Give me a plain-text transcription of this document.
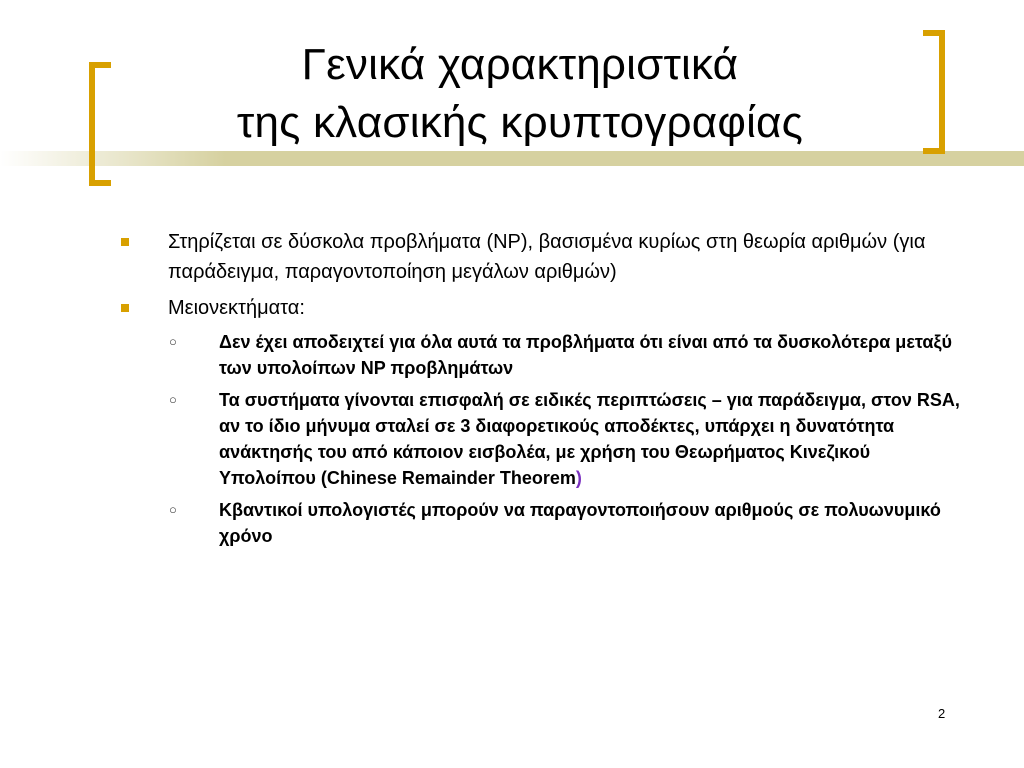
Γενικά χαρακτηριστικά
της κλασικής κρυπτογραφίας
Στηρίζεται σε δύσκολα προβλήματα (NP), βασισμένα κυρίως στη θεωρία αριθμών (για παράδειγμα, παραγοντοποίηση μεγάλων αριθμών)
Μειονεκτήματα:
○ Δεν έχει αποδειχτεί για όλα αυτά τα προβλήματα ότι είναι από τα δυσκολότερα μεταξύ των υπολοίπων NP προβλημάτων
○ Τα συστήματα γίνονται επισφαλή σε ειδικές περιπτώσεις – για παράδειγμα, στον RSA, αν το ίδιο μήνυμα σταλεί σε 3 διαφορετικούς αποδέκτες, υπάρχει η δυνατότητα ανάκτησής του από κάποιον εισβολέα, με χρήση του Θεωρήματος Κινεζικού Υπολοίπου (Chinese Remainder Theorem)
○ Κβαντικοί υπολογιστές μπορούν να παραγοντοποιήσουν αριθμούς σε πολυωνυμικό χρόνο
2
